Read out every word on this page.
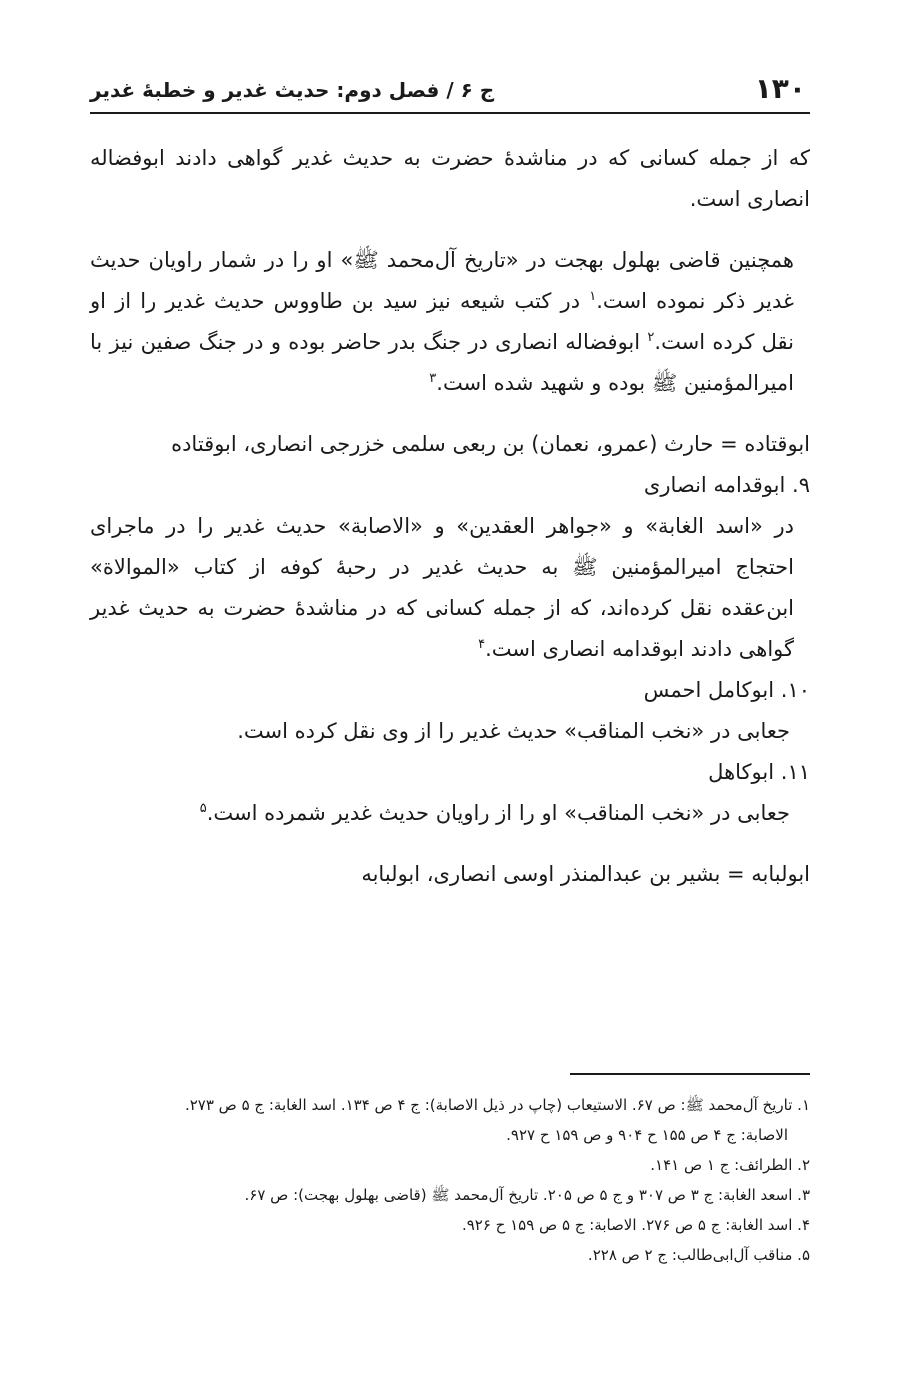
۱۳۰
ج ۶ / فصل دوم: حدیث غدیر و خطبهٔ غدیر

که از جمله کسانی که در مناشدهٔ حضرت به حدیث غدیر گواهی دادند ابوفضاله انصاری است.

همچنین قاضی بهلول بهجت در «تاریخ آل‌محمد ﷺ» او را در شمار راویان حدیث غدیر ذکر نموده است.$^۱$ در کتب شیعه نیز سید بن طاووس حدیث غدیر را از او نقل کرده است.$^۲$ ابوفضاله انصاری در جنگ بدر حاضر بوده و در جنگ صفین نیز با امیرالمؤمنین ﷺ بوده و شهید شده است.$^۳$

ابوقتاده = حارث (عمرو، نعمان) بن ربعی سلمی خزرجی انصاری، ابوقتاده

۹. ابوقدامه انصاری

در «اسد الغابة» و «جواهر العقدین» و «الاصابة» حدیث غدیر را در ماجرای احتجاج امیرالمؤمنین ﷺ به حدیث غدیر در رحبهٔ کوفه از کتاب «الموالاة» ابن‌عقده نقل کرده‌اند، که از جمله کسانی که در مناشدهٔ حضرت به حدیث غدیر گواهی دادند ابوقدامه انصاری است.$^۴$

۱۰. ابوکامل احمس

جعابی در «نخب المناقب» حدیث غدیر را از وی نقل کرده است.

۱۱. ابوکاهل

جعابی در «نخب المناقب» او را از راویان حدیث غدیر شمرده است.$^۵$

ابولبابه = بشیر بن عبدالمنذر اوسی انصاری، ابولبابه

۱. تاریخ آل‌محمد ﷺ: ص ۶۷. الاستیعاب (چاپ در ذیل الاصابة): ج ۴ ص ۱۳۴. اسد الغابة: ج ۵ ص ۲۷۳.

الاصابة: ج ۴ ص ۱۵۵ ح ۹۰۴ و ص ۱۵۹ ح ۹۲۷.

۲. الطرائف: ج ۱ ص ۱۴۱.

۳. اسعد الغابة: ج ۳ ص ۳۰۷ و ج ۵ ص ۲۰۵. تاریخ آل‌محمد ﷺ (قاضی بهلول بهجت): ص ۶۷.

۴. اسد الغابة: ج ۵ ص ۲۷۶. الاصابة: ج ۵ ص ۱۵۹ ح ۹۲۶.

۵. مناقب آل‌ابی‌طالب: ج ۲ ص ۲۲۸.
